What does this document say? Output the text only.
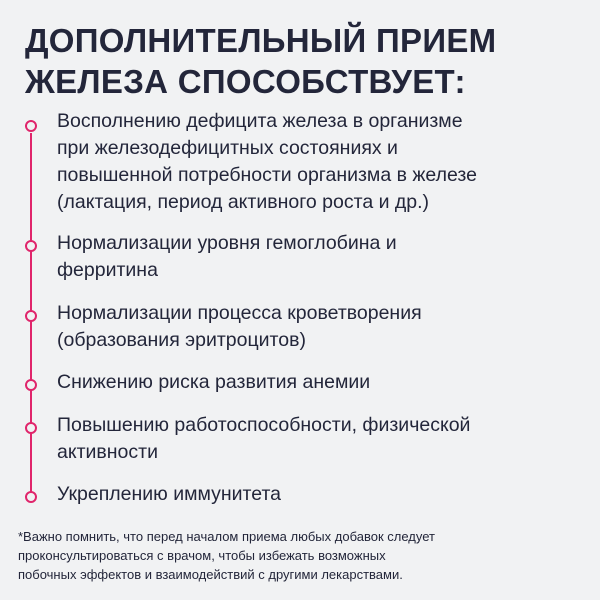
ДОПОЛНИТЕЛЬНЫЙ ПРИЕМ
ЖЕЛЕЗА СПОСОБСТВУЕТ:

Восполнению дефицита железа в организме
при железодефицитных состояниях и
повышенной потребности организма в железе
(лактация, период активного роста и др.)

Нормализации уровня гемоглобина и
ферритина

Нормализации процесса кроветворения
(образования эритроцитов)

Снижению риска развития анемии

Повышению работоспособности, физической
активности

Укреплению иммунитета

*Важно помнить, что перед началом приема любых добавок следует
проконсультироваться с врачом, чтобы избежать возможных
побочных эффектов и взаимодействий с другими лекарствами.
